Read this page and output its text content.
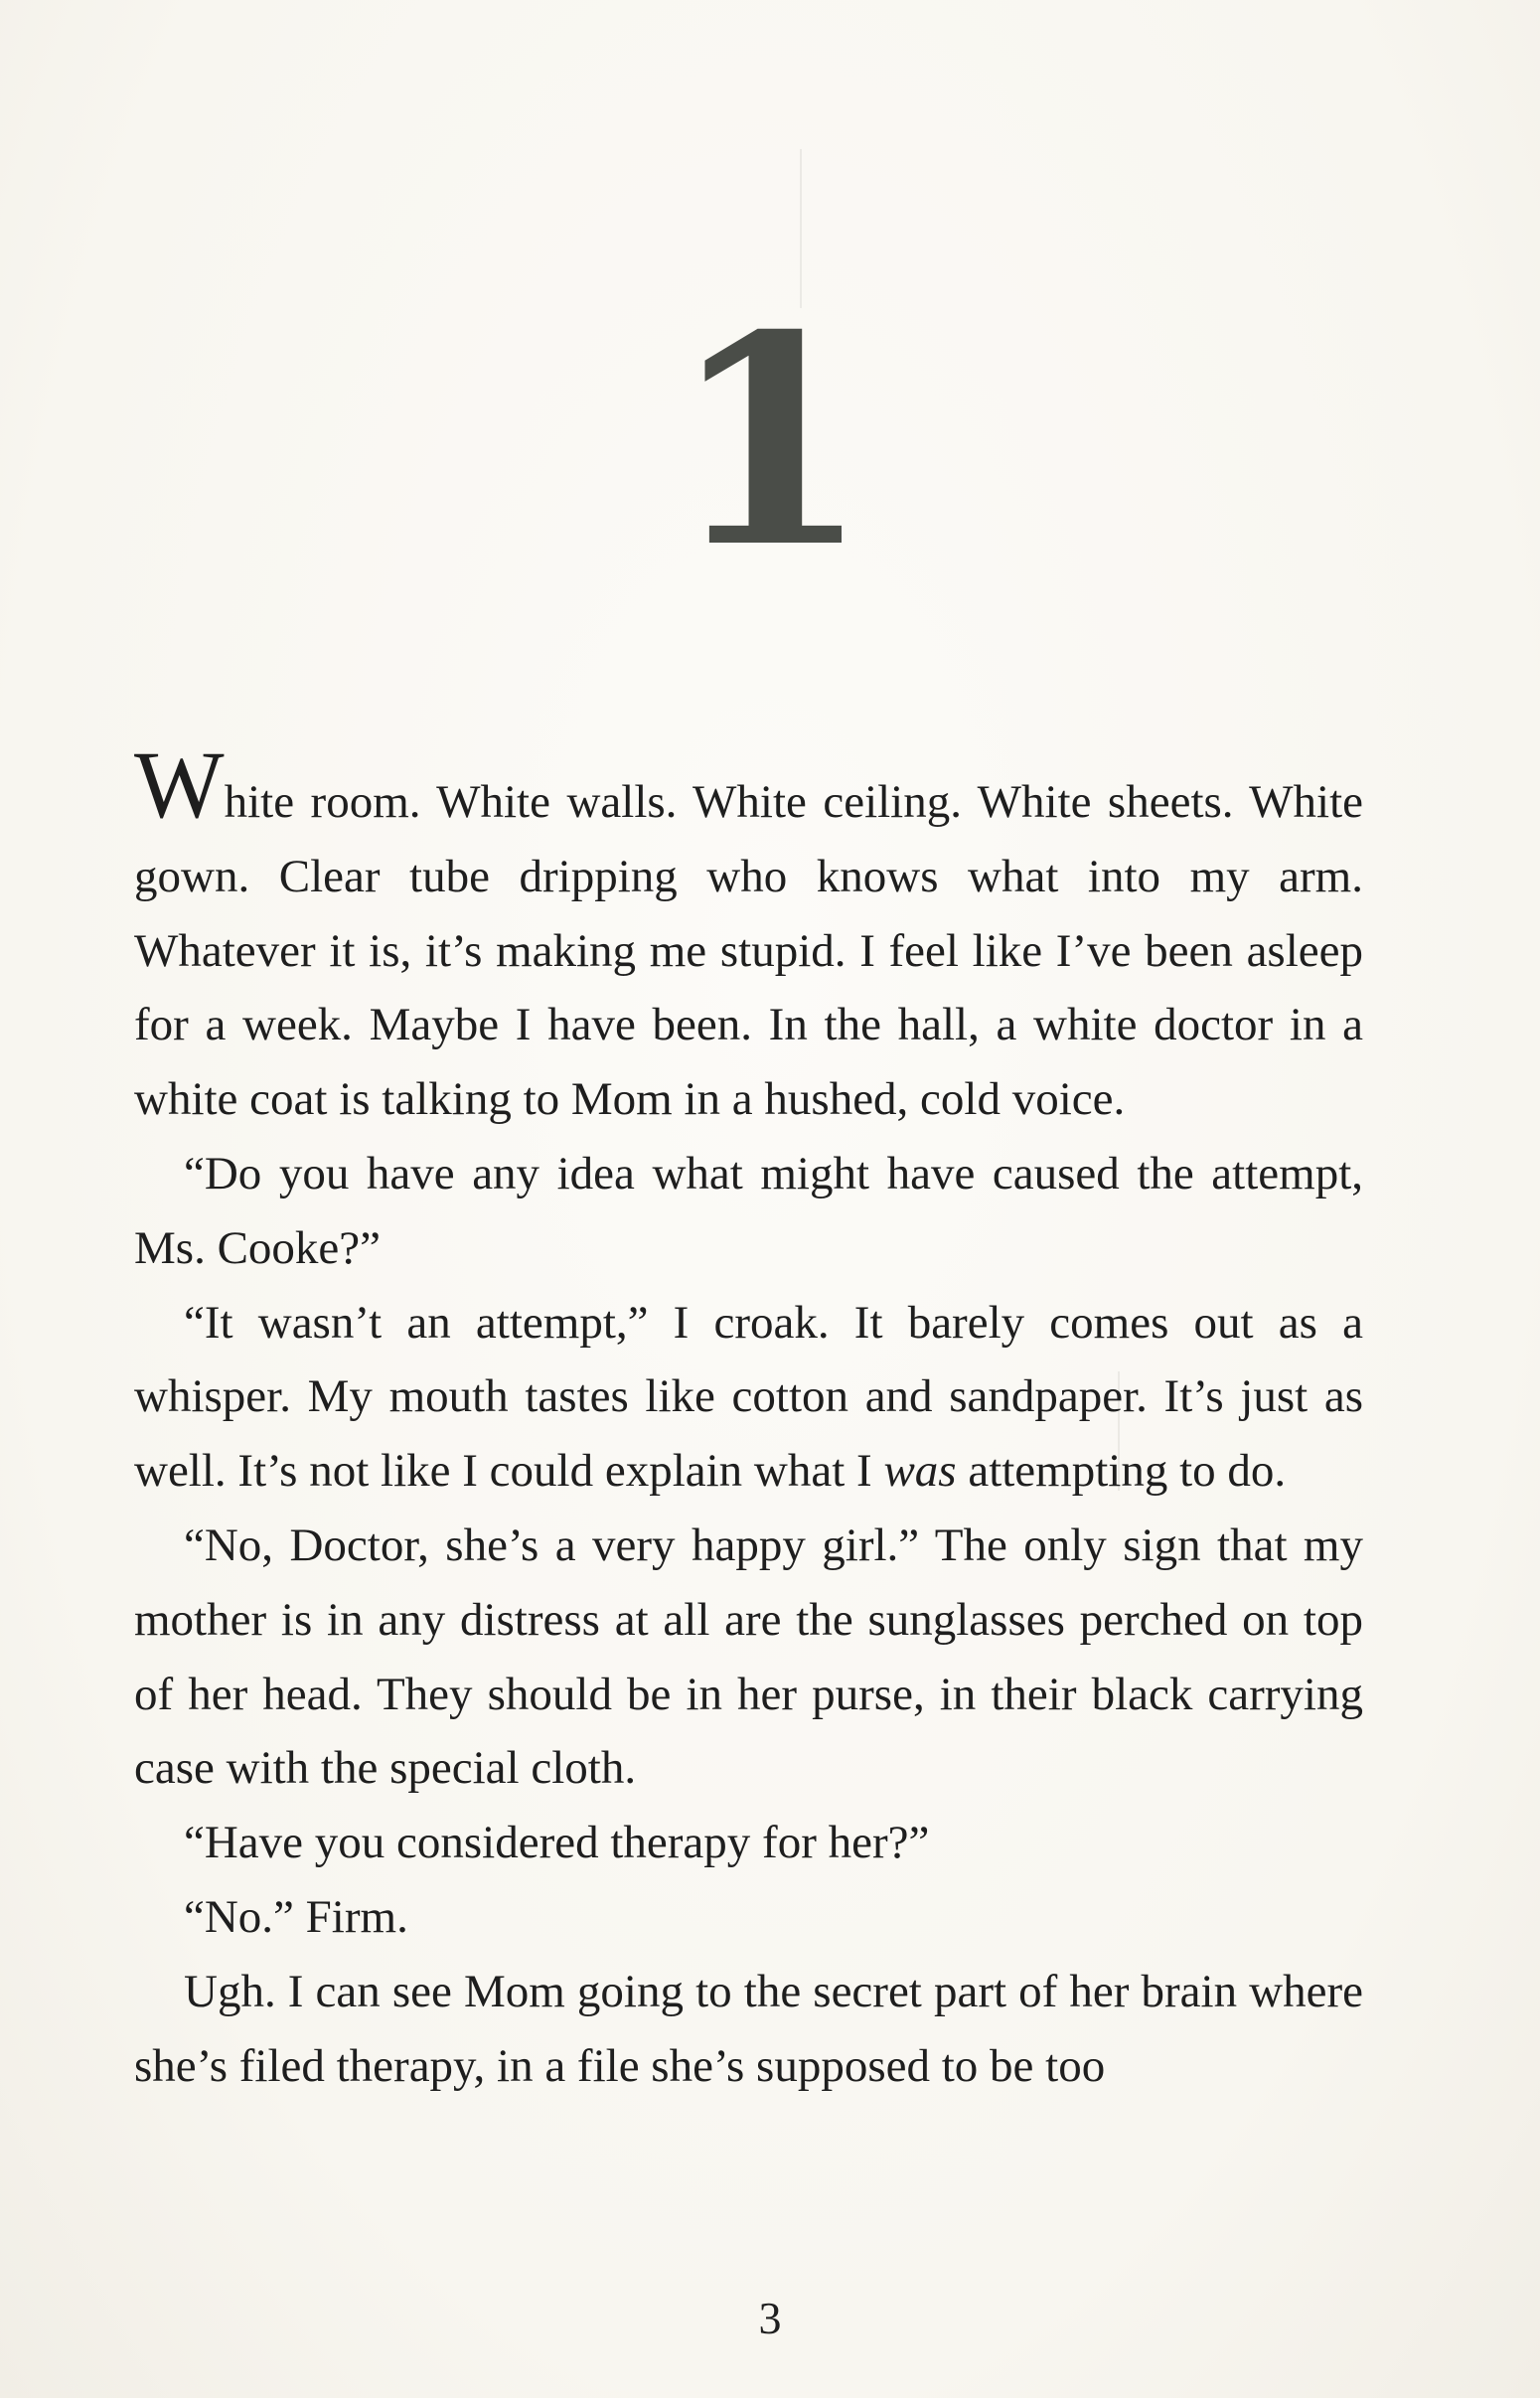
1

White room. White walls. White ceiling. White sheets. White gown. Clear tube dripping who knows what into my arm. Whatever it is, it’s making me stupid. I feel like I’ve been asleep for a week. Maybe I have been. In the hall, a white doctor in a white coat is talking to Mom in a hushed, cold voice.

“Do you have any idea what might have caused the attempt, Ms. Cooke?”

“It wasn’t an attempt,” I croak. It barely comes out as a whisper. My mouth tastes like cotton and sandpaper. It’s just as well. It’s not like I could explain what I was attempting to do.

“No, Doctor, she’s a very happy girl.” The only sign that my mother is in any distress at all are the sunglasses perched on top of her head. They should be in her purse, in their black carrying case with the special cloth.

“Have you considered therapy for her?”

“No.” Firm.

Ugh. I can see Mom going to the secret part of her brain where she’s filed therapy, in a file she’s supposed to be too

3
